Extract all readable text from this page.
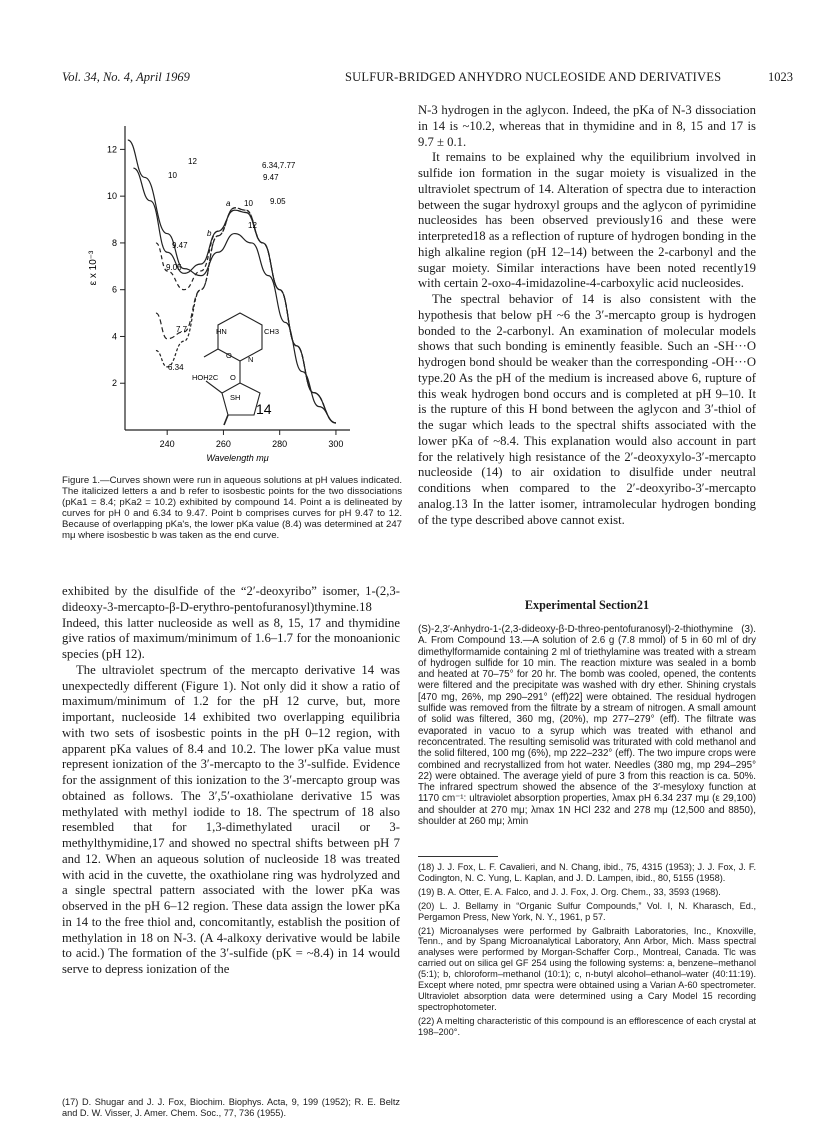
Vol. 34, No. 4, April 1969	SULFUR-BRIDGED ANHYDRO NUCLEOSIDE AND DERIVATIVES	1023
240	260	280	300
2
4
6
8
10
12
Wavelength mμ
ε x 10⁻³
10
12	6.34,7.77
9.47
10 9.05
12
a
b
9.47
9.05
7.7
6.34
14
HN	CH3
O N
HOH2C O
SH
Figure 1.—Curves shown were run in aqueous solutions at pH values indicated. The italicized letters a and b refer to isosbestic points for the two dissociations (pKa1 = 8.4; pKa2 = 10.2) exhibited by compound 14. Point a is delineated by curves for pH 0 and 6.34 to 9.47. Point b comprises curves for pH 9.47 to 12. Because of overlapping pKa's, the lower pKa value (8.4) was determined at 247 mμ where isosbestic b was taken as the end curve.

exhibited by the disulfide of the “2′-deoxyribo” isomer, 1-(2,3-dideoxy-3-mercapto-β-D-erythro-pentofuranosyl)thymine.18 Indeed, this latter nucleoside as well as 8, 15, 17 and thymidine give ratios of maximum/minimum of 1.6–1.7 for the monoanionic species (pH 12).

The ultraviolet spectrum of the mercapto derivative 14 was unexpectedly different (Figure 1). Not only did it show a ratio of maximum/minimum of 1.2 for the pH 12 curve, but, more important, nucleoside 14 exhibited two overlapping equilibria with two sets of isosbestic points in the pH 0–12 region, with apparent pKa values of 8.4 and 10.2. The lower pKa value must represent ionization of the 3′-mercapto to the 3′-sulfide. Evidence for the assignment of this ionization to the 3′-mercapto group was obtained as follows. The 3′,5′-oxathiolane derivative 15 was methylated with methyl iodide to 18. The spectrum of 18 also resembled that for 1,3-dimethylated uracil or 3-methylthymidine,17 and showed no spectral shifts between pH 7 and 12. When an aqueous solution of nucleoside 18 was treated with acid in the cuvette, the oxathiolane ring was hydrolyzed and a single spectral pattern associated with the lower pKa was observed in the pH 6–12 region. These data assign the lower pKa in 14 to the free thiol and, concomitantly, establish the position of methylation in 18 on N-3. (A 4-alkoxy derivative would be labile to acid.) The formation of the 3′-sulfide (pK = ~8.4) in 14 would serve to depress ionization of the

(17) D. Shugar and J. J. Fox, Biochim. Biophys. Acta, 9, 199 (1952); R. E. Beltz and D. W. Visser, J. Amer. Chem. Soc., 77, 736 (1955).

N-3 hydrogen in the aglycon. Indeed, the pKa of N-3 dissociation in 14 is ~10.2, whereas that in thymidine and in 8, 15 and 17 is 9.7 ± 0.1.

It remains to be explained why the equilibrium involved in sulfide ion formation in the sugar moiety is visualized in the ultraviolet spectrum of 14. Alteration of spectra due to interaction between the sugar hydroxyl groups and the aglycon of pyrimidine nucleosides has been observed previously16 and these were interpreted18 as a reflection of rupture of hydrogen bonding in the high alkaline region (pH 12–14) between the 2-carbonyl and the sugar moiety. Similar interactions have been noted recently19 with certain 2-oxo-4-imidazoline-4-carboxylic acid nucleosides.

The spectral behavior of 14 is also consistent with the hypothesis that below pH ~6 the 3′-mercapto group is hydrogen bonded to the 2-carbonyl. An examination of molecular models shows that such bonding is eminently feasible. Such an -SH···O hydrogen bond should be weaker than the corresponding -OH···O type.20 As the pH of the medium is increased above 6, rupture of this weak hydrogen bond occurs and is completed at pH 9–10. It is the rupture of this H bond between the aglycon and 3′-thiol of the sugar which leads to the spectral shifts associated with the lower pKa of ~8.4. This explanation would also account in part for the relatively high resistance of the 2′-deoxyxylo-3′-mercapto nucleoside (14) to air oxidation to disulfide under neutral conditions when compared to the 2′-deoxyribo-3′-mercapto analog.13 In the latter isomer, intramolecular hydrogen bonding of the type described above cannot exist.

Experimental Section21
(S)-2,3′-Anhydro-1-(2,3-dideoxy-β-D-threo-pentofuranosyl)-2-thiothymine (3). A. From Compound 13.—A solution of 2.6 g (7.8 mmol) of 5 in 60 ml of dry dimethylformamide containing 2 ml of triethylamine was treated with a stream of hydrogen sulfide for 10 min. The reaction mixture was sealed in a bomb and heated at 70–75° for 20 hr. The bomb was cooled, opened, the contents were filtered and the precipitate was washed with dry ether. Shining crystals [470 mg, 26%, mp 290–291° (eff)22] were obtained. The residual hydrogen sulfide was removed from the filtrate by a stream of nitrogen. A small amount of solid was filtered, 360 mg, (20%), mp 277–279° (eff). The filtrate was evaporated in vacuo to a syrup which was treated with ethanol and reconcentrated. The resulting semisolid was triturated with cold methanol and the solid filtered, 100 mg (6%), mp 222–232° (eff). The two impure crops were combined and recrystallized from hot water. Needles (380 mg, mp 294–295° 22) were obtained. The average yield of pure 3 from this reaction is ca. 50%. The infrared spectrum showed the absence of the 3′-mesyloxy function at 1170 cm⁻¹: ultraviolet absorption properties, λmax pH 6.34 237 mμ (ε 29,100) and shoulder at 270 mμ; λmax 1N HCl 232 and 278 mμ (12,500 and 8850), shoulder at 260 mμ; λmin

(18) J. J. Fox, L. F. Cavalieri, and N. Chang, ibid., 75, 4315 (1953); J. J. Fox, J. F. Codington, N. C. Yung, L. Kaplan, and J. D. Lampen, ibid., 80, 5155 (1958).

(19) B. A. Otter, E. A. Falco, and J. J. Fox, J. Org. Chem., 33, 3593 (1968).

(20) L. J. Bellamy in “Organic Sulfur Compounds,” Vol. I, N. Kharasch, Ed., Pergamon Press, New York, N. Y., 1961, p 57.

(21) Microanalyses were performed by Galbraith Laboratories, Inc., Knoxville, Tenn., and by Spang Microanalytical Laboratory, Ann Arbor, Mich. Mass spectral analyses were performed by Morgan-Schaffer Corp., Montreal, Canada. Tlc was carried out on silica gel GF 254 using the following systems: a, benzene–methanol (5:1); b, chloroform–methanol (10:1); c, n-butyl alcohol–ethanol–water (40:11:19). Except where noted, pmr spectra were obtained using a Varian A-60 spectrometer. Ultraviolet absorption data were determined using a Cary Model 15 recording spectrophotometer.

(22) A melting characteristic of this compound is an efflorescence of each crystal at 198–200°.
